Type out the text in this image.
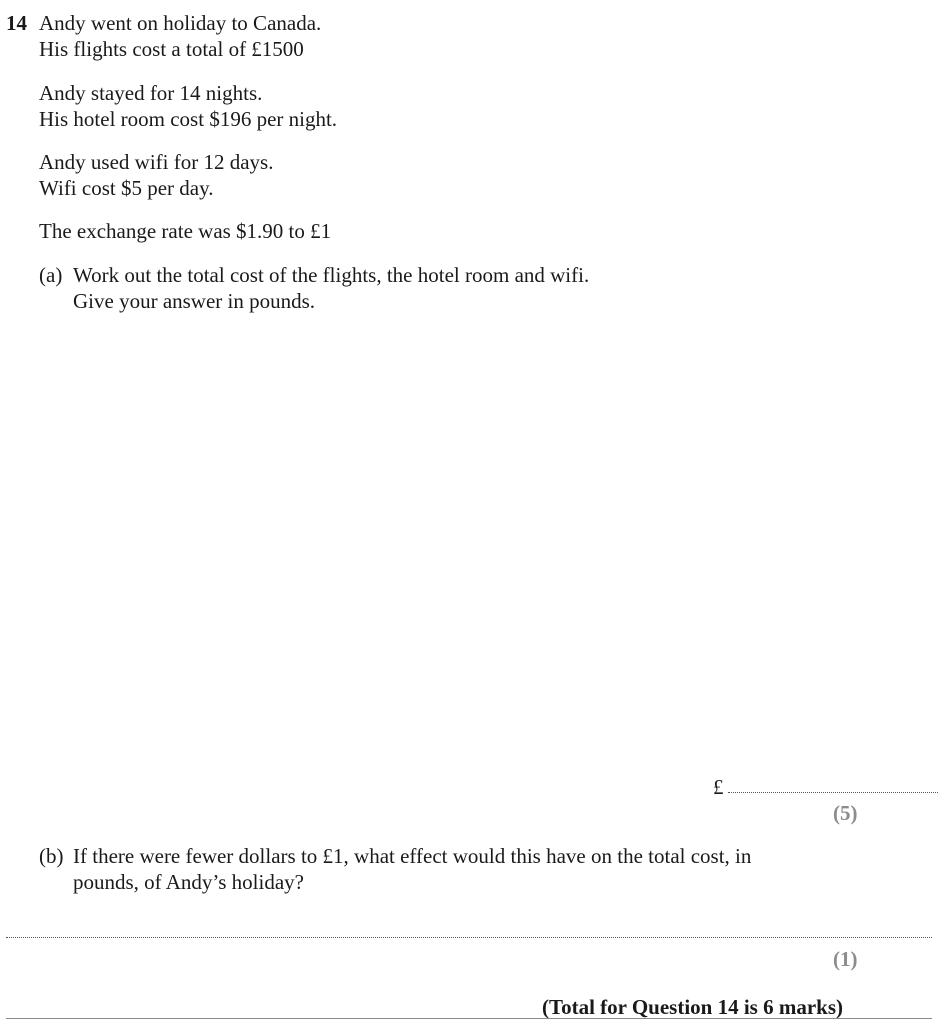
14 Andy went on holiday to Canada.
His flights cost a total of £1500
Andy stayed for 14 nights.
His hotel room cost $196 per night.
Andy used wifi for 12 days.
Wifi cost $5 per day.
The exchange rate was $1.90 to £1
(a) Work out the total cost of the flights, the hotel room and wifi.
Give your answer in pounds.
£
(5)
(b) If there were fewer dollars to £1, what effect would this have on the total cost, in
pounds, of Andy’s holiday?
(1)
(Total for Question 14 is 6 marks)
